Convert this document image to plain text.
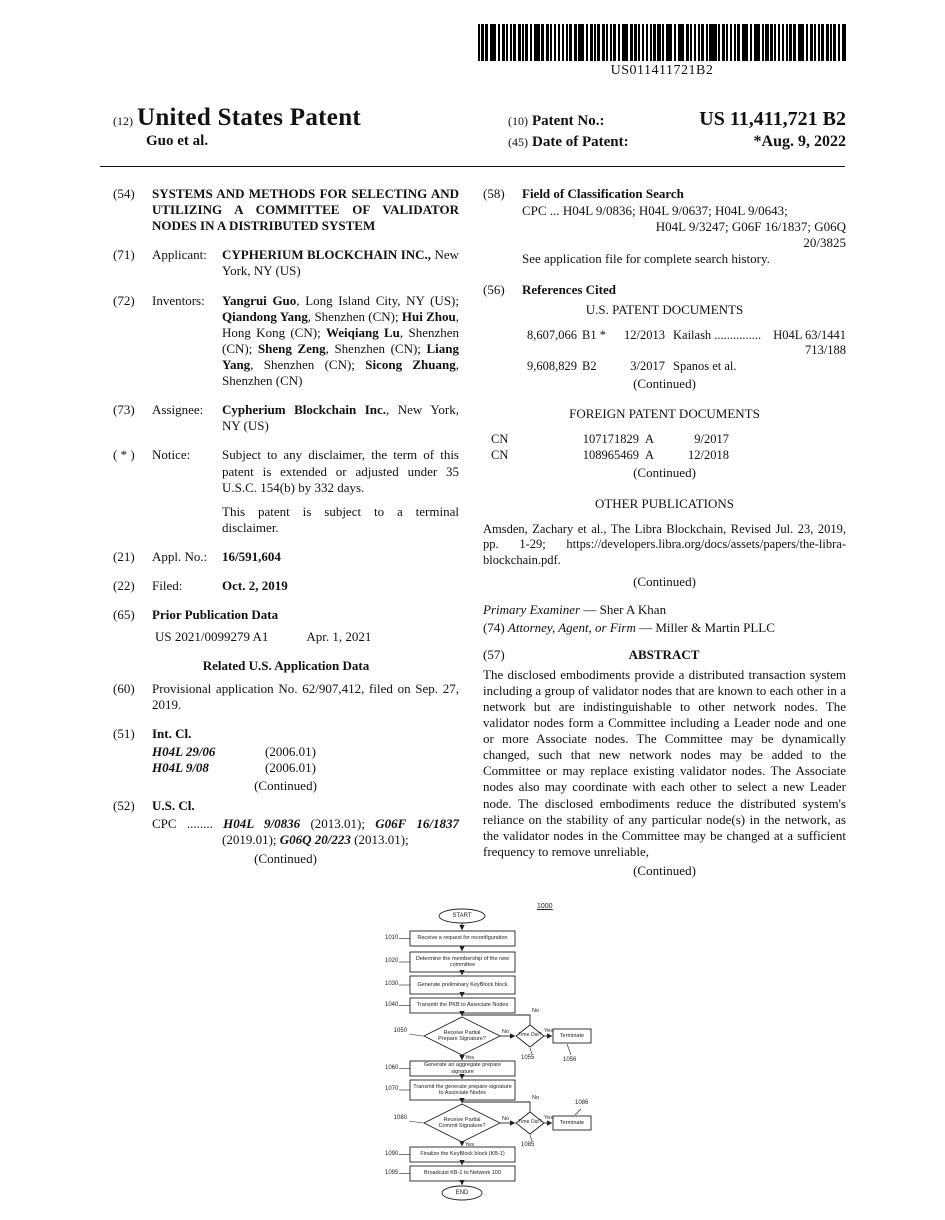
US011411721B2
(12) United States Patent
Guo et al.
(10) Patent No.:	US 11,411,721 B2
(45) Date of Patent:	*Aug. 9, 2022
(54)	SYSTEMS AND METHODS FOR SELECTING AND UTILIZING A COMMITTEE OF VALIDATOR NODES IN A DISTRIBUTED SYSTEM
(71)	Applicant:	CYPHERIUM BLOCKCHAIN INC., New York, NY (US)
(72)	Inventors:	Yangrui Guo, Long Island City, NY (US); Qiandong Yang, Shenzhen (CN); Hui Zhou, Hong Kong (CN); Weiqiang Lu, Shenzhen (CN); Sheng Zeng, Shenzhen (CN); Liang Yang, Shenzhen (CN); Sicong Zhuang, Shenzhen (CN)
(73)	Assignee:	Cypherium Blockchain Inc., New York, NY (US)
( * )	Notice:	Subject to any disclaimer, the term of this patent is extended or adjusted under 35 U.S.C. 154(b) by 332 days.
This patent is subject to a terminal disclaimer.
(21)	Appl. No.:	16/591,604
(22)	Filed:	Oct. 2, 2019
(65)	Prior Publication Data
US 2021/0099279 A1	Apr. 1, 2021
Related U.S. Application Data
(60)	Provisional application No. 62/907,412, filed on Sep. 27, 2019.
(51)	Int. Cl.
H04L 29/06	(2006.01)
H04L 9/08	(2006.01)
(Continued)
(52)	U.S. Cl.
CPC ........ H04L 9/0836 (2013.01); G06F 16/1837 (2019.01); G06Q 20/223 (2013.01);
(Continued)
(58)	Field of Classification Search
CPC ... H04L 9/0836; H04L 9/0637; H04L 9/0643;
H04L 9/3247; G06F 16/1837; G06Q
20/3825
See application file for complete search history.
(56)	References Cited
U.S. PATENT DOCUMENTS
8,607,066 B1 *	12/2013 Kailash ............... H04L 63/1441
713/188
9,608,829 B2	3/2017 Spanos et al.
(Continued)
FOREIGN PATENT DOCUMENTS
CN	107171829 A	9/2017
CN	108965469 A	12/2018
(Continued)
OTHER PUBLICATIONS
Amsden, Zachary et al., The Libra Blockchain, Revised Jul. 23, 2019, pp. 1-29; https://developers.libra.org/docs/assets/papers/the-libra-blockchain.pdf.
(Continued)
Primary Examiner — Sher A Khan
(74) Attorney, Agent, or Firm — Miller & Martin PLLC
(57)	ABSTRACT
The disclosed embodiments provide a distributed transaction system including a group of validator nodes that are known to each other in a network but are indistinguishable to other network nodes. The validator nodes form a Committee including a Leader node and one or more Associate nodes. The Committee may be dynamically changed, such that new network nodes may be added to the Committee or may replace existing validator nodes. The Associate nodes also may coordinate with each other to select a new Leader node. The disclosed embodiments reduce the distributed system's reliance on the stability of any particular node(s) in the network, as the validator nodes in the Committee may be changed at a sufficient frequency to remove unreliable,
(Continued)
1000
START
Receive a request for reconfiguration
Determine the membership of the new committee
Generate preliminary KeyBlock block
Transmit the PKB to Associate Nodes
Receive Partial Prepare Signature?
Time Out?	Terminate
Generate an aggregate prepare signature
Transmit the generate prepare-signature to Associate Nodes
Receive Partial Commit Signature?
Time Out?	Terminate
Finalize the KeyBlock block (KB-1)
Broadcast KB-1 to Network 100
END
1010
1020
1030
1040
1050
1055	1056
1060
1070
1080
1085
1086
1090
1095
No
No
Yes
Yes
No
No
Yes
Yes
